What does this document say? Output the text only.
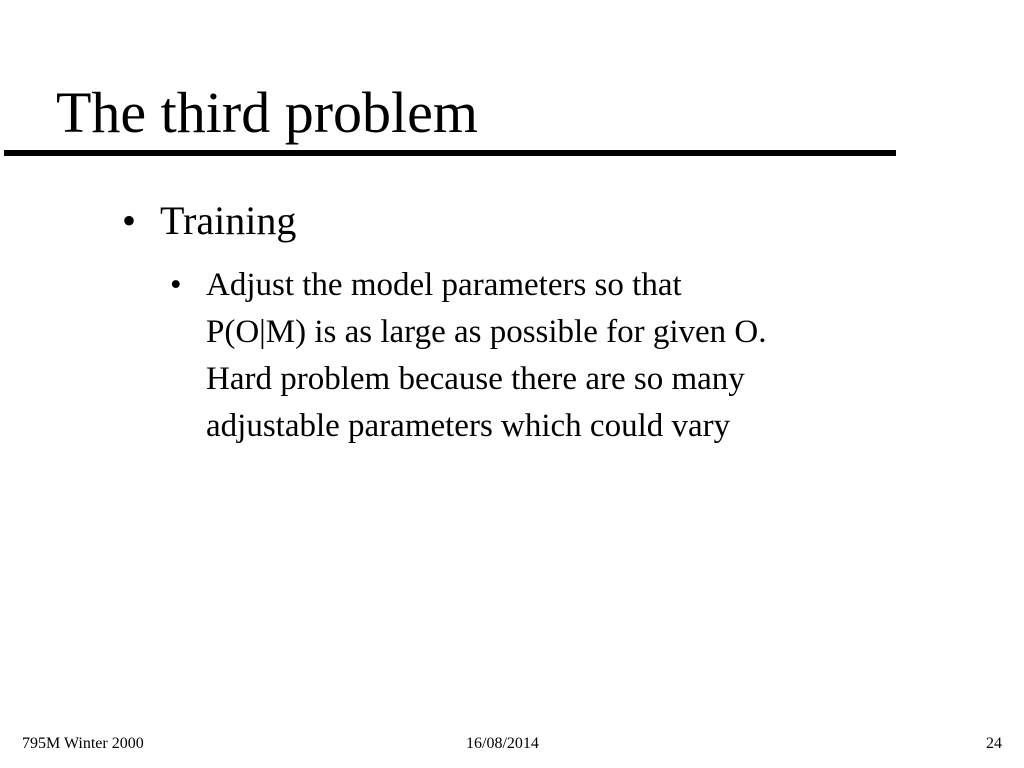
The third problem
• Training
• Adjust the model parameters so that
P(O|M) is as large as possible for given O.
Hard problem because there are so many
adjustable parameters which could vary
795M Winter 2000	16/08/2014	24
